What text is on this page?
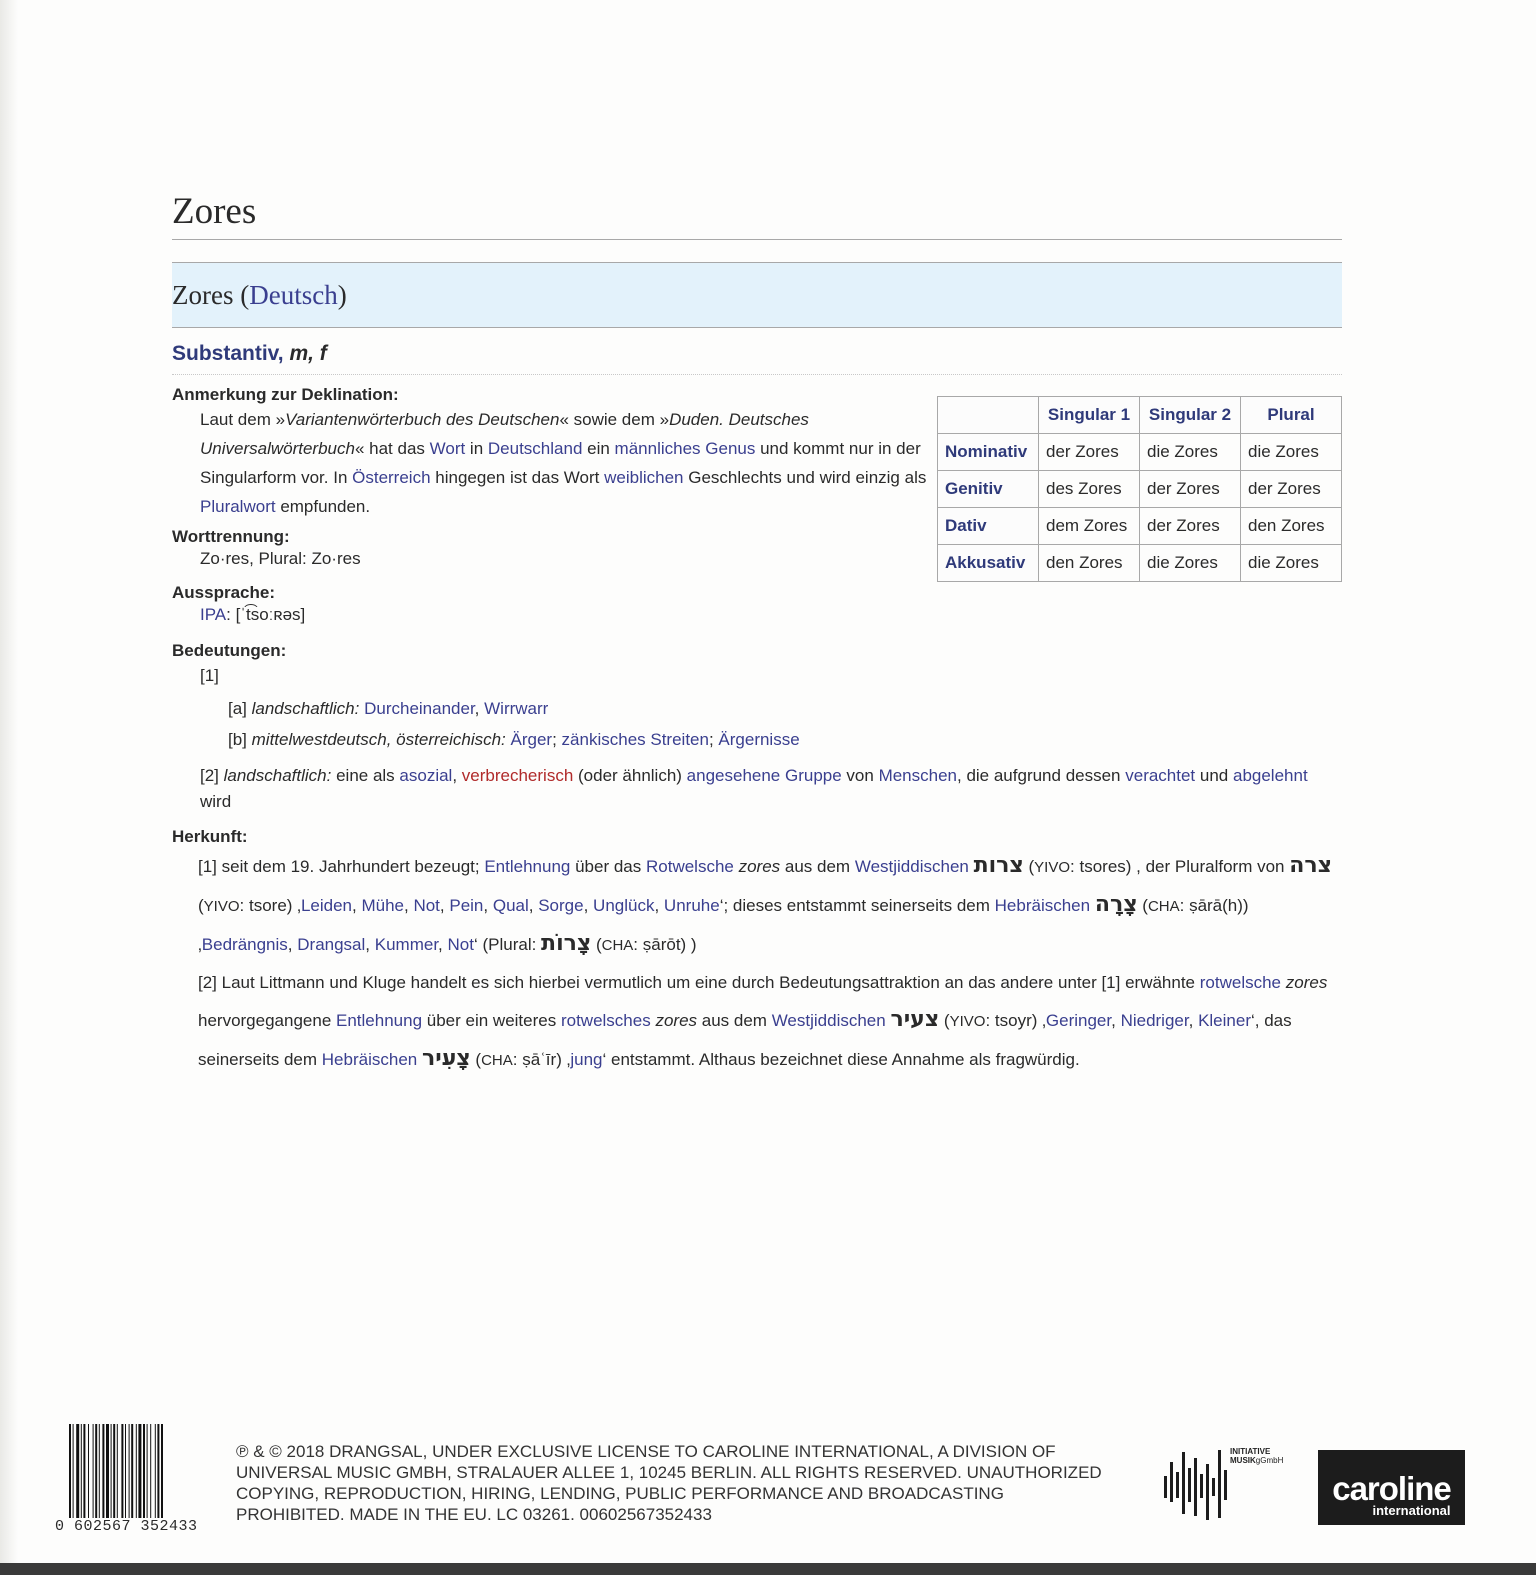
Zores
Zores (Deutsch)
Substantiv, m, f
	Singular 1	Singular 2	Plural
Nominativ	der Zores	die Zores	die Zores
Genitiv	des Zores	der Zores	der Zores
Dativ	dem Zores	der Zores	den Zores
Akkusativ	den Zores	die Zores	die Zores
Anmerkung zur Deklination:
Laut dem »Variantenwörterbuch des Deutschen« sowie dem »Duden. Deutsches Universalwörterbuch« hat das Wort in Deutschland ein männliches Genus und kommt nur in der Singularform vor. In Österreich hingegen ist das Wort weiblichen Geschlechts und wird einzig als Pluralwort empfunden.
Worttrennung:
Zo·res, Plural: Zo·res
Aussprache:
IPA: [ˈt͡soːʀəs]
Bedeutungen:
[1]
[a] landschaftlich: Durcheinander, Wirrwarr
[b] mittelwestdeutsch, österreichisch: Ärger; zänkisches Streiten; Ärgernisse
[2] landschaftlich: eine als asozial, verbrecherisch (oder ähnlich) angesehene Gruppe von Menschen, die aufgrund dessen verachtet und abgelehnt wird
Herkunft:
[1] seit dem 19. Jahrhundert bezeugt; Entlehnung über das Rotwelsche zores aus dem Westjiddischen צרות (YIVO: tsores) , der Pluralform von צרה (YIVO: tsore) ‚Leiden, Mühe, Not, Pein, Qual, Sorge, Unglück, Unruhe‘; dieses entstammt seinerseits dem Hebräischen צָרָה (CHA: ṣārā(h)) ‚Bedrängnis, Drangsal, Kummer, Not‘ (Plural: צָרוֹת (CHA: ṣārōt) )
[2] Laut Littmann und Kluge handelt es sich hierbei vermutlich um eine durch Bedeutungsattraktion an das andere unter [1] erwähnte rotwelsche zores hervorgegangene Entlehnung über ein weiteres rotwelsches zores aus dem Westjiddischen צעיר (YIVO: tsoyr) ‚Geringer, Niedriger, Kleiner‘, das seinerseits dem Hebräischen צָעִיר (CHA: ṣāʿīr) ‚jung‘ entstammt. Althaus bezeichnet diese Annahme als fragwürdig.
0 602567 352433
℗ & © 2018 DRANGSAL, UNDER EXCLUSIVE LICENSE TO CAROLINE INTERNATIONAL, A DIVISION OF UNIVERSAL MUSIC GMBH, STRALAUER ALLEE 1, 10245 BERLIN. ALL RIGHTS RESERVED. UNAUTHORIZED COPYING, REPRODUCTION, HIRING, LENDING, PUBLIC PERFORMANCE AND BROADCASTING PROHIBITED. MADE IN THE EU. LC 03261. 00602567352433
INITIATIVE
MUSIKgGmbH
caroline
international
